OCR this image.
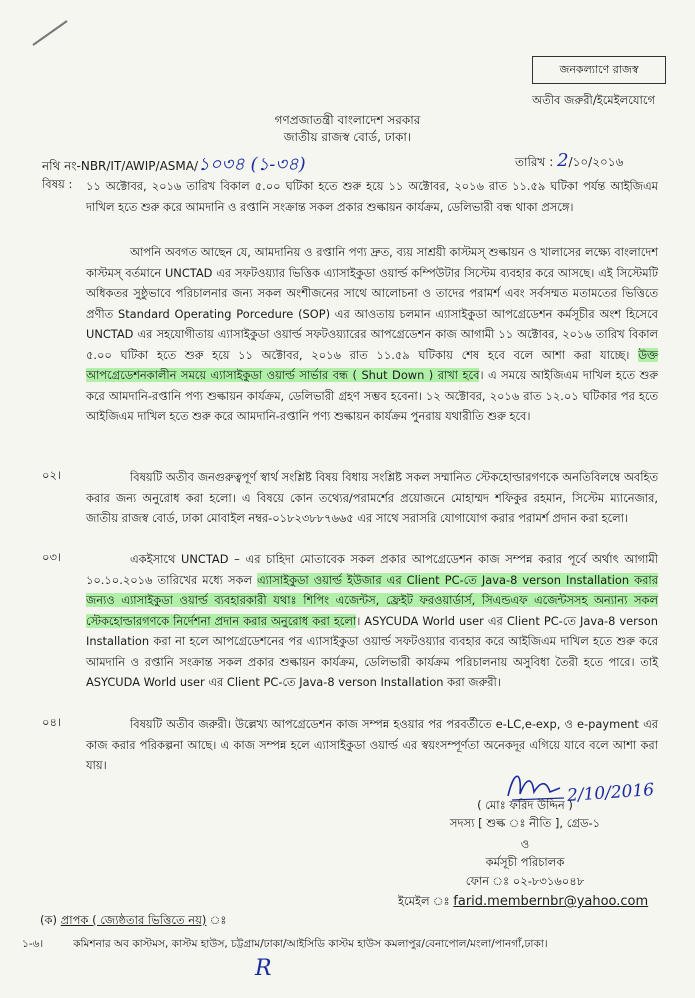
জনকল্যাণে রাজস্ব
অতীব জরুরী/ইমেইলযোগে
গণপ্রজাতন্ত্রী বাংলাদেশ সরকার
জাতীয় রাজস্ব বোর্ড, ঢাকা।
নথি নং-NBR/IT/AWIP/ASMA/১০৩৪ (১-৩৪)	তারিখ : 2/১০/২০১৬
বিষয় : ১১ অক্টোবর, ২০১৬ তারিখ বিকাল ৫.০০ ঘটিকা হতে শুরু হয়ে ১১ অক্টোবর, ২০১৬ রাত ১১.৫৯ ঘটিকা পর্যন্ত আইজিএম দাখিল হতে শুরু করে আমদানি ও রপ্তানি সংক্রান্ত সকল প্রকার শুল্কায়ন কার্যক্রম, ডেলিভারী বন্ধ থাকা প্রসঙ্গে।
আপনি অবগত আছেন যে, আমদানিয় ও রপ্তানি পণ্য দ্রুত, ব্যয় সাশ্রয়ী কাস্টমস্ শুল্কায়ন ও খালাসের লক্ষ্যে বাংলাদেশ কাস্টমস্ বর্তমানে UNCTAD এর সফটওয়্যার ভিত্তিক এ্যাসাইকুডা ওয়ার্ল্ড কম্পিউটার সিস্টেম ব্যবহার করে আসছে। এই সিস্টেমটি অধিকতর সুষ্ঠুভাবে পরিচালনার জন্য সকল অংশীজনের সাথে আলোচনা ও তাদের পরামর্শ এবং সর্বসম্মত মতামতের ভিত্তিতে প্রণীত Standard Operating Porcedure (SOP) এর আওতায় চলমান এ্যাসাইকুডা আপগ্রেডেশন কর্মসূচীর অংশ হিসেবে UNCTAD এর সহযোগীতায় এ্যাসাইকুডা ওয়ার্ল্ড সফটওয়্যারের আপগ্রেডেশন কাজ আগামী ১১ অক্টোবর, ২০১৬ তারিখ বিকাল ৫.০০ ঘটিকা হতে শুরু হয়ে ১১ অক্টোবর, ২০১৬ রাত ১১.৫৯ ঘটিকায় শেষ হবে বলে আশা করা যাচ্ছে। উক্ত আপগ্রেডেশনকালীন সময়ে এ্যাসাইকুডা ওয়ার্ল্ড সার্ভার বন্ধ ( Shut Down ) রাখা হবে। এ সময়ে আইজিএম দাখিল হতে শুরু করে আমদানি-রপ্তানি পণ্য শুল্কায়ন কার্যক্রম, ডেলিভারী গ্রহণ সম্ভব হবেনা। ১২ অক্টোবর, ২০১৬ রাত ১২.০১ ঘটিকার পর হতে আইজিএম দাখিল হতে শুরু করে আমদানি-রপ্তানি পণ্য শুল্কায়ন কার্যক্রম পুনরায় যথারীতি শুরু হবে।
০২।	বিষয়টি অতীব জনগুরুত্বপূর্ণ স্বার্থ সংশ্লিষ্ট বিষয় বিধায় সংশ্লিষ্ট সকল সম্মানিত স্টেকহোল্ডারগণকে অনতিবিলম্বে অবহিত করার জন্য অনুরোধ করা হলো। এ বিষয়ে কোন তথ্যের/পরামর্শের প্রয়োজনে মোহাম্মদ শফিকুর রহমান, সিস্টেম ম্যানেজার, জাতীয় রাজস্ব বোর্ড, ঢাকা মোবাইল নম্বর-০১৮২৩৮৮৭৬৬৫ এর সাথে সরাসরি যোগাযোগ করার পরামর্শ প্রদান করা হলো।
০৩।	একইসাথে UNCTAD – এর চাহিদা মোতাবেক সকল প্রকার আপগ্রেডেশন কাজ সম্পন্ন করার পূর্বে অর্থাৎ আগামী ১০.১০.২০১৬ তারিখের মধ্যে সকল এ্যাসাইকুডা ওয়ার্ল্ড ইউজার এর Client PC-তে Java-8 verson Installation করার জন্যও এ্যাসাইকুডা ওয়ার্ল্ড ব্যবহারকারী যথাঃ শিপিং এজেন্টস, ফ্রেইট ফরওয়ার্ডার্স, সিএন্ডএফ এজেন্টসসহ অন্যান্য সকল স্টেকহোল্ডারগণকে নির্দেশনা প্রদান করার অনুরোধ করা হলো। ASYCUDA World user এর Client PC-তে Java-8 verson Installation করা না হলে আপগ্রেডেশনের পর এ্যাসাইকুডা ওয়ার্ল্ড সফটওয়্যার ব্যবহার করে আইজিএম দাখিল হতে শুরু করে আমদানি ও রপ্তানি সংক্রান্ত সকল প্রকার শুল্কায়ন কার্যক্রম, ডেলিভারী কার্যক্রম পরিচালনায় অসুবিধা তৈরী হতে পারে। তাই ASYCUDA World user এর Client PC-তে Java-8 verson Installation করা জরুরী।
০৪।	বিষয়টি অতীব জরুরী। উল্লেখ্য আপগ্রেডেশন কাজ সম্পন্ন হওয়ার পর পরবর্তীতে e-LC,e-exp, ও e-payment এর কাজ করার পরিকল্পনা আছে। এ কাজ সম্পন্ন হলে এ্যাসাইকুডা ওয়ার্ল্ড এর স্বয়ংসম্পূর্ণতা অনেকদূর এগিয়ে যাবে বলে আশা করা যায়।
2/10/2016
( মোঃ ফরিদ উদ্দিন )
সদস্য [ শুল্ক ঃ নীতি ], গ্রেড-১
ও
কর্মসূচী পরিচালক
ফোন ঃ ০২-৮৩১৬০৪৮
ইমেইল ঃ farid.membernbr@yahoo.com
(ক) প্রাপক ( জ্যেষ্ঠতার ভিত্তিতে নয়) ঃ
১-৬।	কমিশনার অব কাস্টমস, কাস্টম হাউস, চট্টগ্রাম/ঢাকা/আইসিডি কাস্টম হাউস কমলাপুর/বেনাপোল/মংলা/পানগাঁ,ঢাকা।
R
